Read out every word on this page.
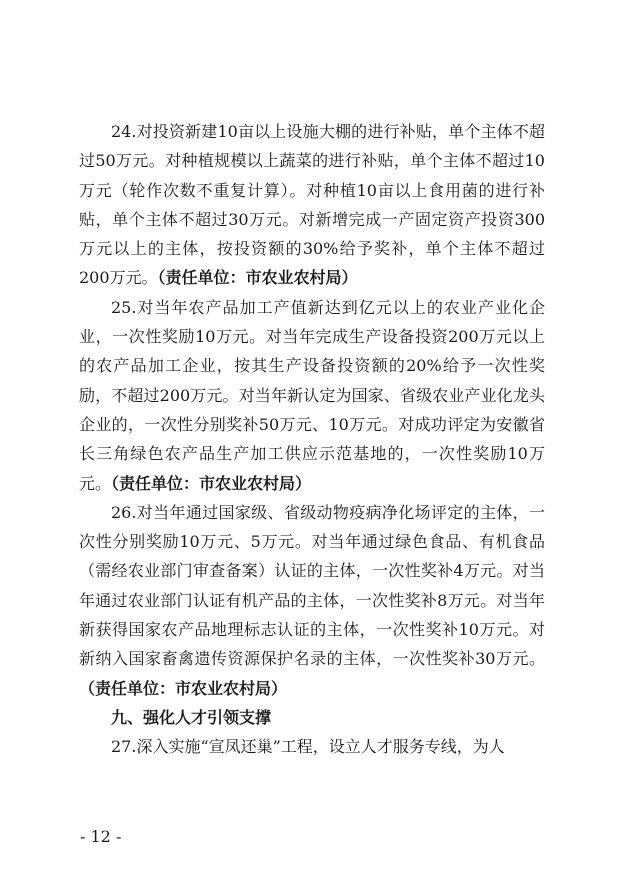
24.对投资新建10亩以上设施大棚的进行补贴，单个主体不超过50万元。对种植规模以上蔬菜的进行补贴，单个主体不超过10万元（轮作次数不重复计算）。对种植10亩以上食用菌的进行补贴，单个主体不超过30万元。对新增完成一产固定资产投资300万元以上的主体，按投资额的30%给予奖补，单个主体不超过200万元。（责任单位：市农业农村局）

25.对当年农产品加工产值新达到亿元以上的农业产业化企业，一次性奖励10万元。对当年完成生产设备投资200万元以上的农产品加工企业，按其生产设备投资额的20%给予一次性奖励，不超过200万元。对当年新认定为国家、省级农业产业化龙头企业的，一次性分别奖补50万元、10万元。对成功评定为安徽省长三角绿色农产品生产加工供应示范基地的，一次性奖励10万元。（责任单位：市农业农村局）

26.对当年通过国家级、省级动物疫病净化场评定的主体，一次性分别奖励10万元、5万元。对当年通过绿色食品、有机食品（需经农业部门审查备案）认证的主体，一次性奖补4万元。对当年通过农业部门认证有机产品的主体，一次性奖补8万元。对当年新获得国家农产品地理标志认证的主体，一次性奖补10万元。对新纳入国家畜禽遗传资源保护名录的主体，一次性奖补30万元。（责任单位：市农业农村局）

九、强化人才引领支撑

27.深入实施“宣凤还巢”工程，设立人才服务专线，为人

- 12 -
